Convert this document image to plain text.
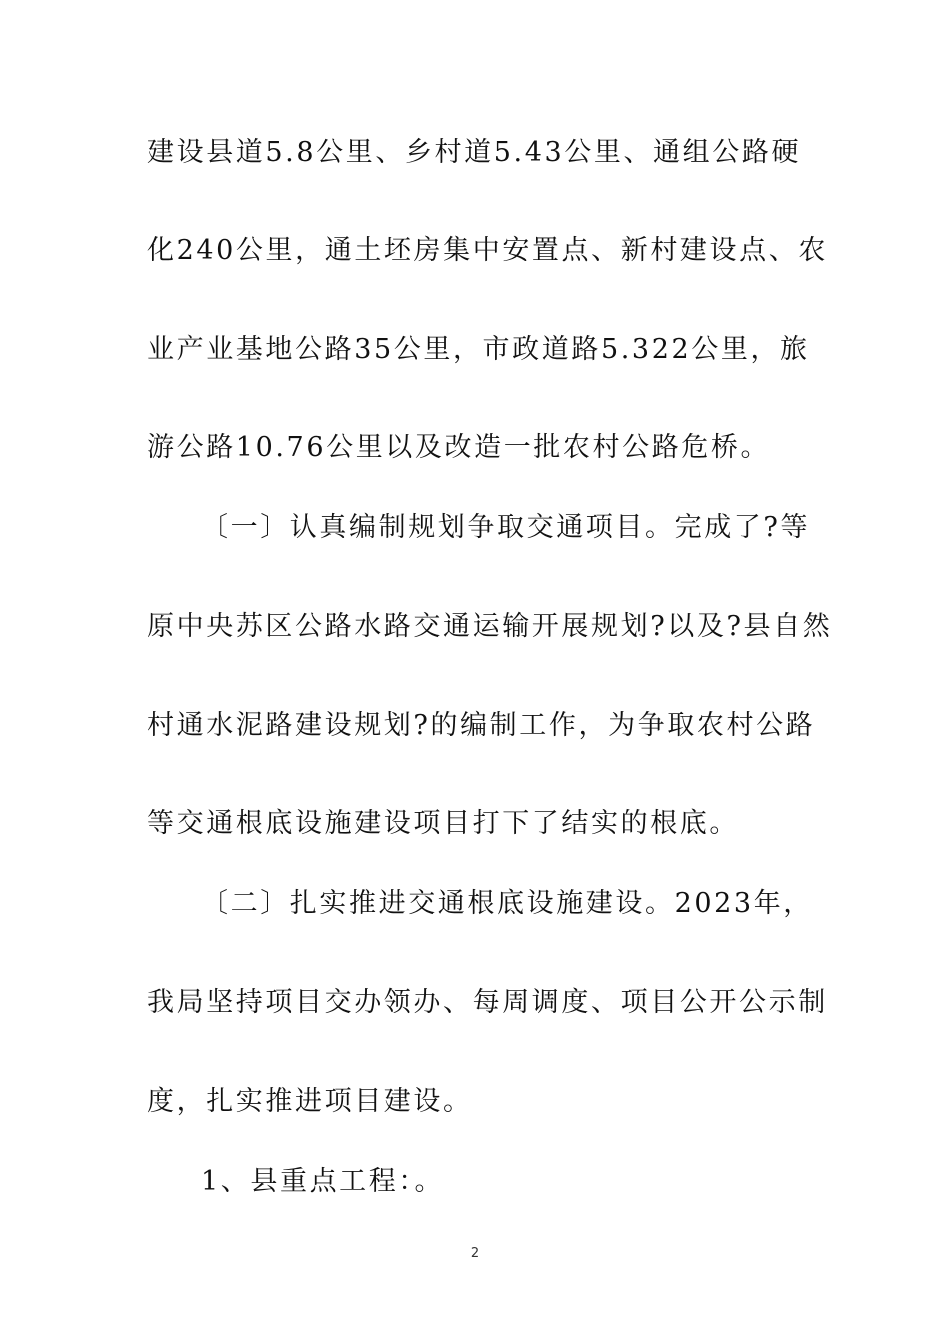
建设县道5.8公里、乡村道5.43公里、通组公路硬
化240公里，通土坯房集中安置点、新村建设点、农
业产业基地公路35公里，市政道路5.322公里，旅
游公路10.76公里以及改造一批农村公路危桥。
〔一〕认真编制规划争取交通项目。完成了?等
原中央苏区公路水路交通运输开展规划?以及?县自然
村通水泥路建设规划?的编制工作，为争取农村公路
等交通根底设施建设项目打下了结实的根底。
〔二〕扎实推进交通根底设施建设。2023年，
我局坚持项目交办领办、每周调度、项目公开公示制
度，扎实推进项目建设。
1、县重点工程：。
2
